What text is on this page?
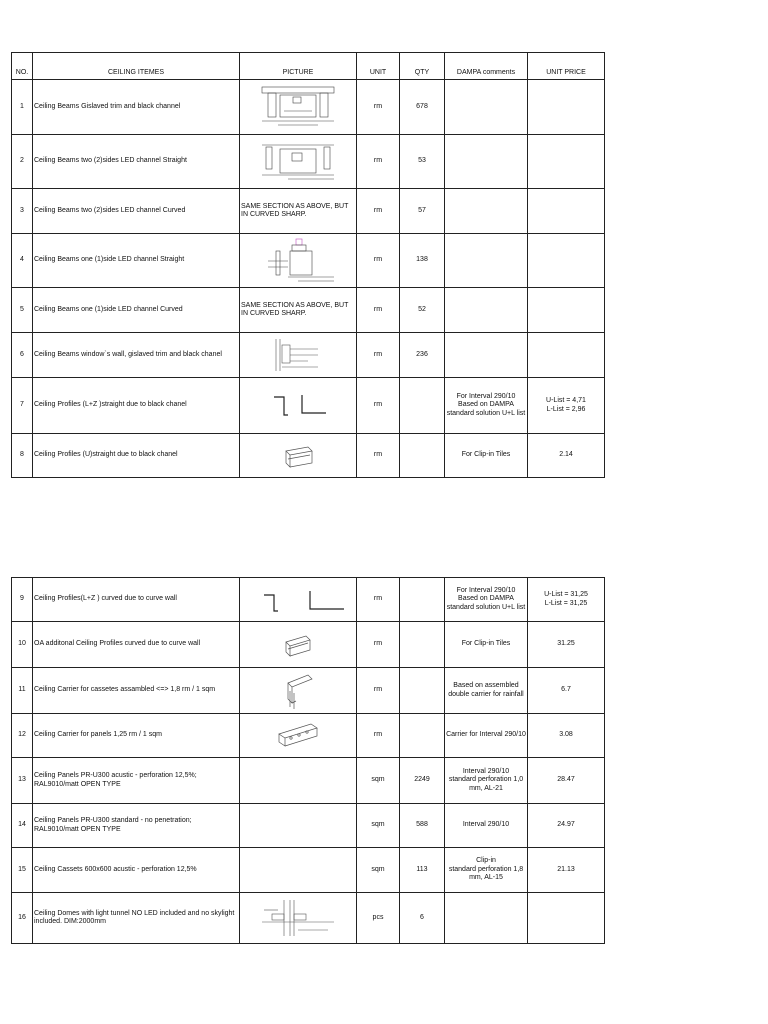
NO.	CEILING ITEMES	PICTURE	UNIT	QTY	DAMPA comments	UNIT PRICE
1	Ceiling Beams Gislaved trim and black channel		rm	678		
2	Ceiling Beams two (2)sides LED channel Straight		rm	53		
3	Ceiling Beams two (2)sides LED channel Curved	SAME SECTION AS ABOVE, BUT IN CURVED SHARP.	rm	57		
4	Ceiling Beams one (1)side LED channel Straight		rm	138		
5	Ceiling Beams one (1)side LED channel Curved	SAME SECTION AS ABOVE, BUT IN CURVED SHARP.	rm	52		
6	Ceiling Beams window`s wall, gislaved trim and black chanel		rm	236		
7	Ceiling Profiles (L+Z )straight due to black chanel		rm		For Interval 290/10
Based on DAMPA
standard solution U+L list	U-List = 4,71
L-List = 2,96
8	Ceiling Profiles (U)straight due to black chanel		rm		For Clip-in Tiles	2.14
9	Ceiling Profiles(L+Z ) curved due to curve wall		rm		For Interval 290/10
Based on DAMPA
standard solution U+L list	U-List = 31,25
L-List = 31,25
10	OA additonal Ceiling Profiles curved due to curve wall		rm		For Clip-in Tiles	31.25
11	Ceiling Carrier for cassetes assambled <=> 1,8 rm / 1 sqm		rm		Based on assembled
double carrier for rainfall	6.7
12	Ceiling Carrier for panels 1,25 rm / 1 sqm		rm		Carrier for Interval 290/10	3.08
13	Ceiling Panels PR-U300 acustic - perforation 12,5%;
RAL9010/matt OPEN TYPE		sqm	2249	Interval 290/10
standard perforation 1,0
mm, AL-21	28.47
14	Ceiling Panels PR-U300 standard - no penetration;
RAL9010/matt OPEN TYPE		sqm	588	Interval 290/10	24.97
15	Ceiling Cassets 600x600 acustic - perforation 12,5%		sqm	113	Clip-in
standard perforation 1,8
mm, AL-15	21.13
16	Ceiling Domes with light tunnel NO LED included and no skylight included. DIM:2000mm		pcs	6		
